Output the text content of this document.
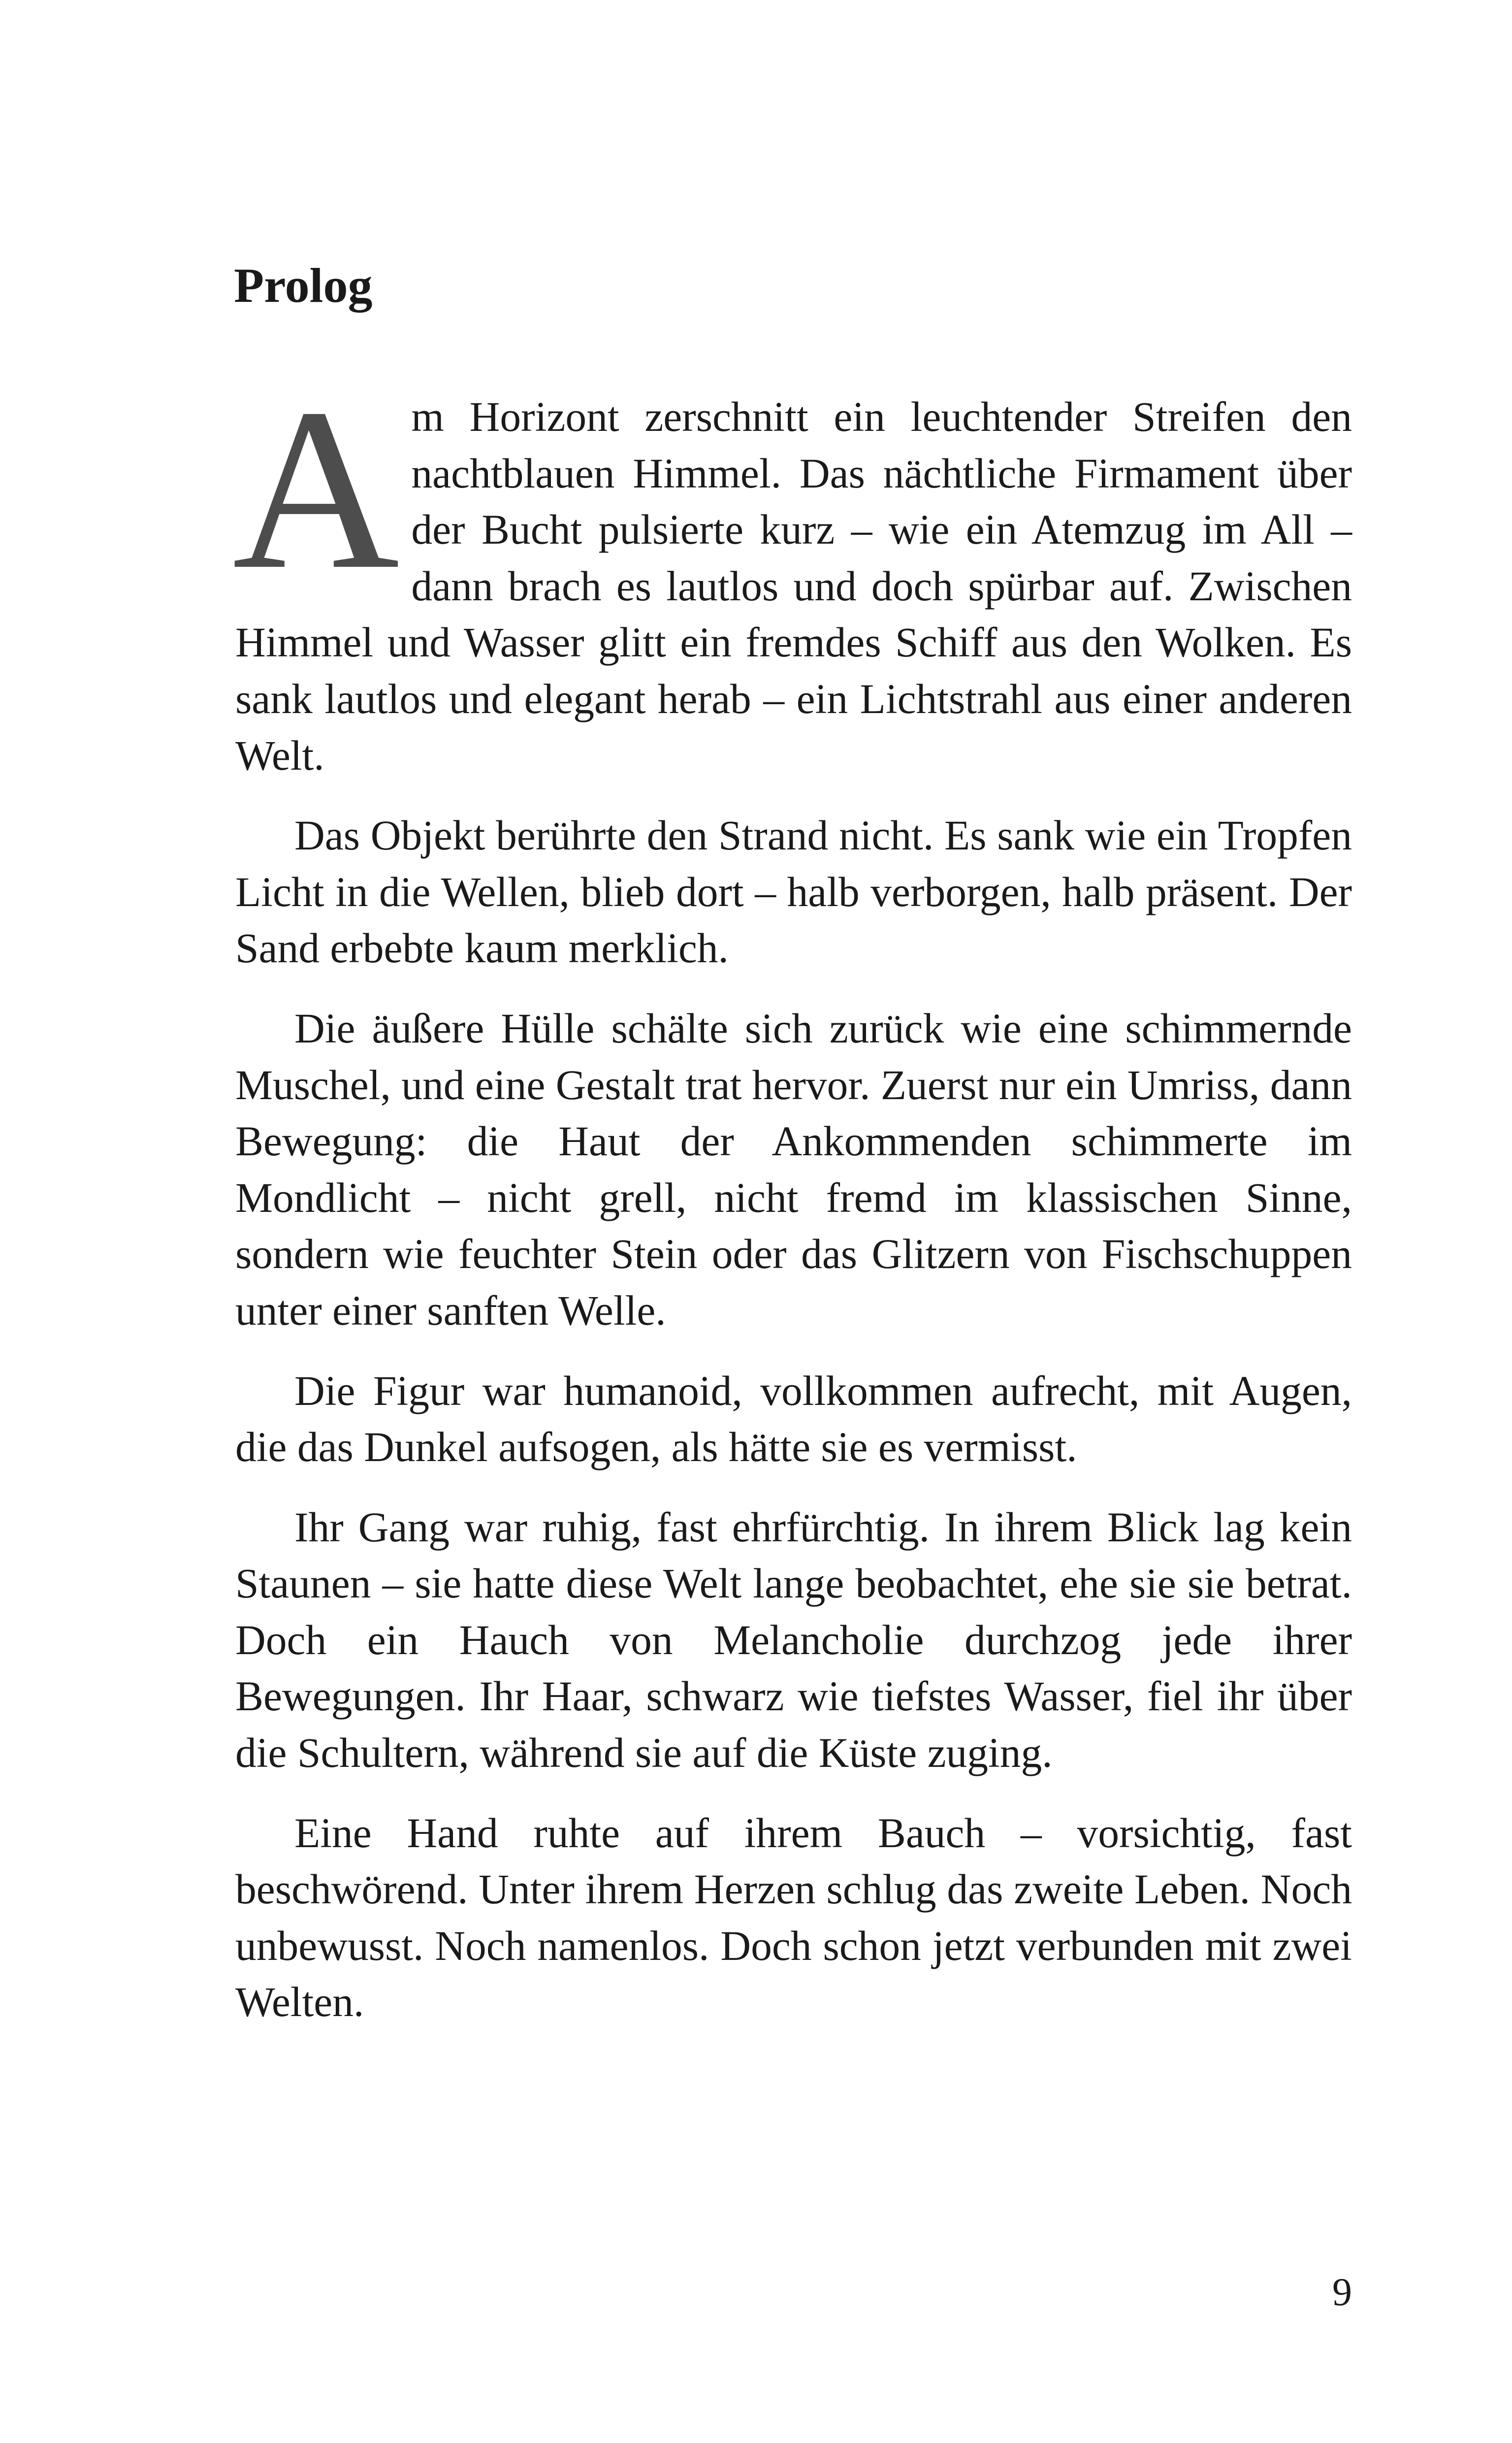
Prolog

Am Horizont zerschnitt ein leuchtender Streifen den nachtblauen Himmel. Das nächtliche Firmament über der Bucht pulsierte kurz – wie ein Atemzug im All – dann brach es lautlos und doch spürbar auf. Zwischen Himmel und Wasser glitt ein fremdes Schiff aus den Wolken. Es sank lautlos und elegant herab – ein Lichtstrahl aus einer anderen Welt.

Das Objekt berührte den Strand nicht. Es sank wie ein Tropfen Licht in die Wellen, blieb dort – halb verborgen, halb präsent. Der Sand erbebte kaum merklich.

Die äußere Hülle schälte sich zurück wie eine schimmernde Muschel, und eine Gestalt trat hervor. Zuerst nur ein Umriss, dann Bewegung: die Haut der Ankommenden schimmerte im Mondlicht – nicht grell, nicht fremd im klassischen Sinne, sondern wie feuchter Stein oder das Glitzern von Fischschuppen unter einer sanften Welle.

Die Figur war humanoid, vollkommen aufrecht, mit Augen, die das Dunkel aufsogen, als hätte sie es vermisst.

Ihr Gang war ruhig, fast ehrfürchtig. In ihrem Blick lag kein Staunen – sie hatte diese Welt lange beobachtet, ehe sie sie betrat. Doch ein Hauch von Melancholie durchzog jede ihrer Bewegungen. Ihr Haar, schwarz wie tiefstes Wasser, fiel ihr über die Schultern, während sie auf die Küste zuging.

Eine Hand ruhte auf ihrem Bauch – vorsichtig, fast beschwörend. Unter ihrem Herzen schlug das zweite Leben. Noch unbewusst. Noch namenlos. Doch schon jetzt verbunden mit zwei Welten.

9
